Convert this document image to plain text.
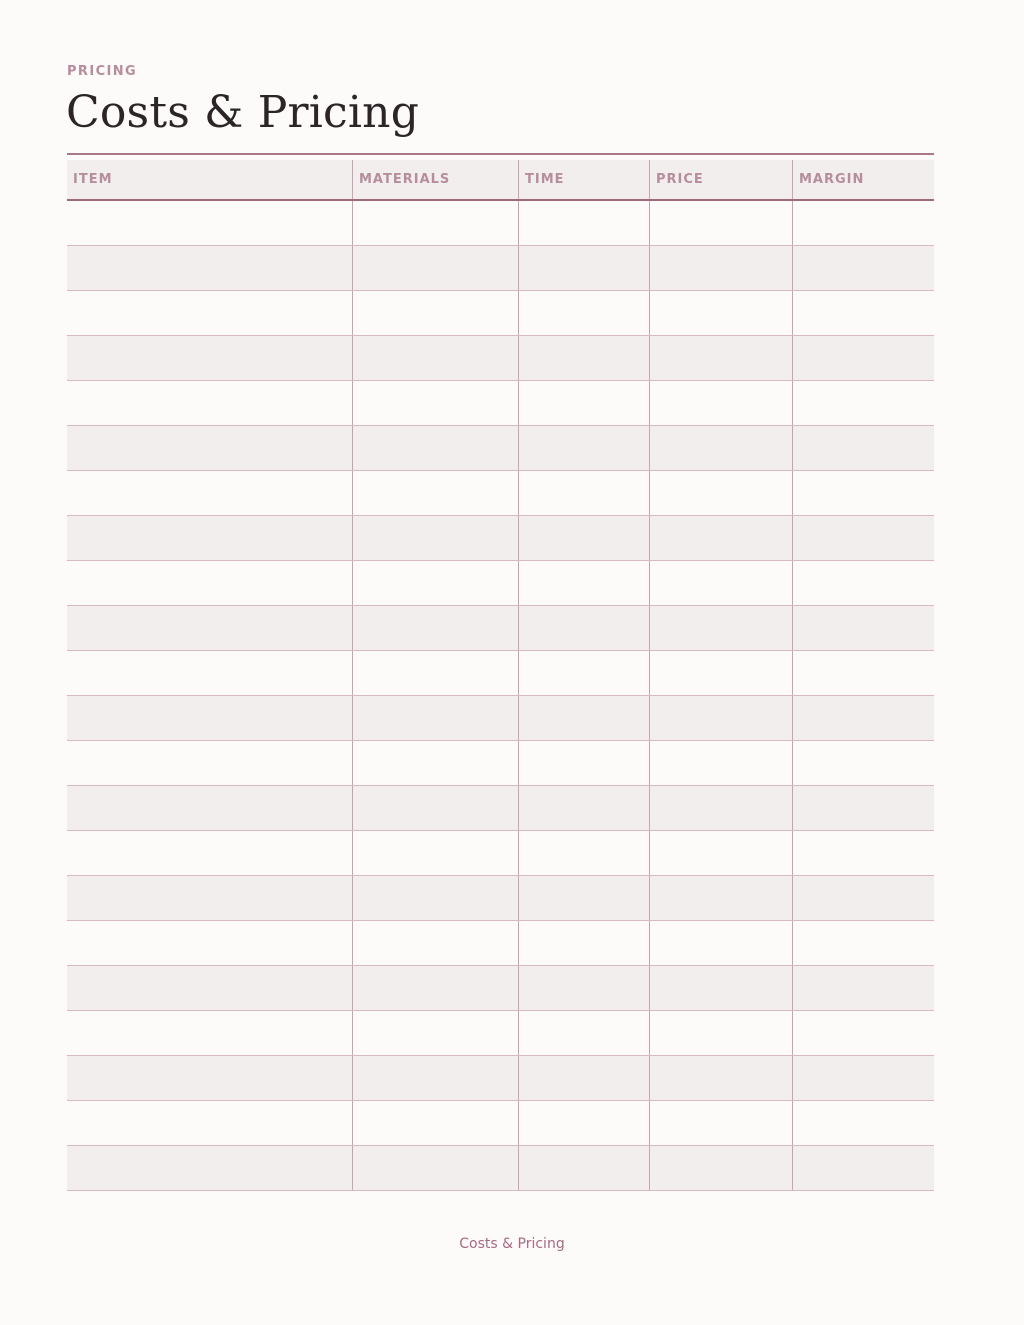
PRICING
Costs & Pricing
ITEM	MATERIALS	TIME	PRICE	MARGIN
Costs & Pricing
